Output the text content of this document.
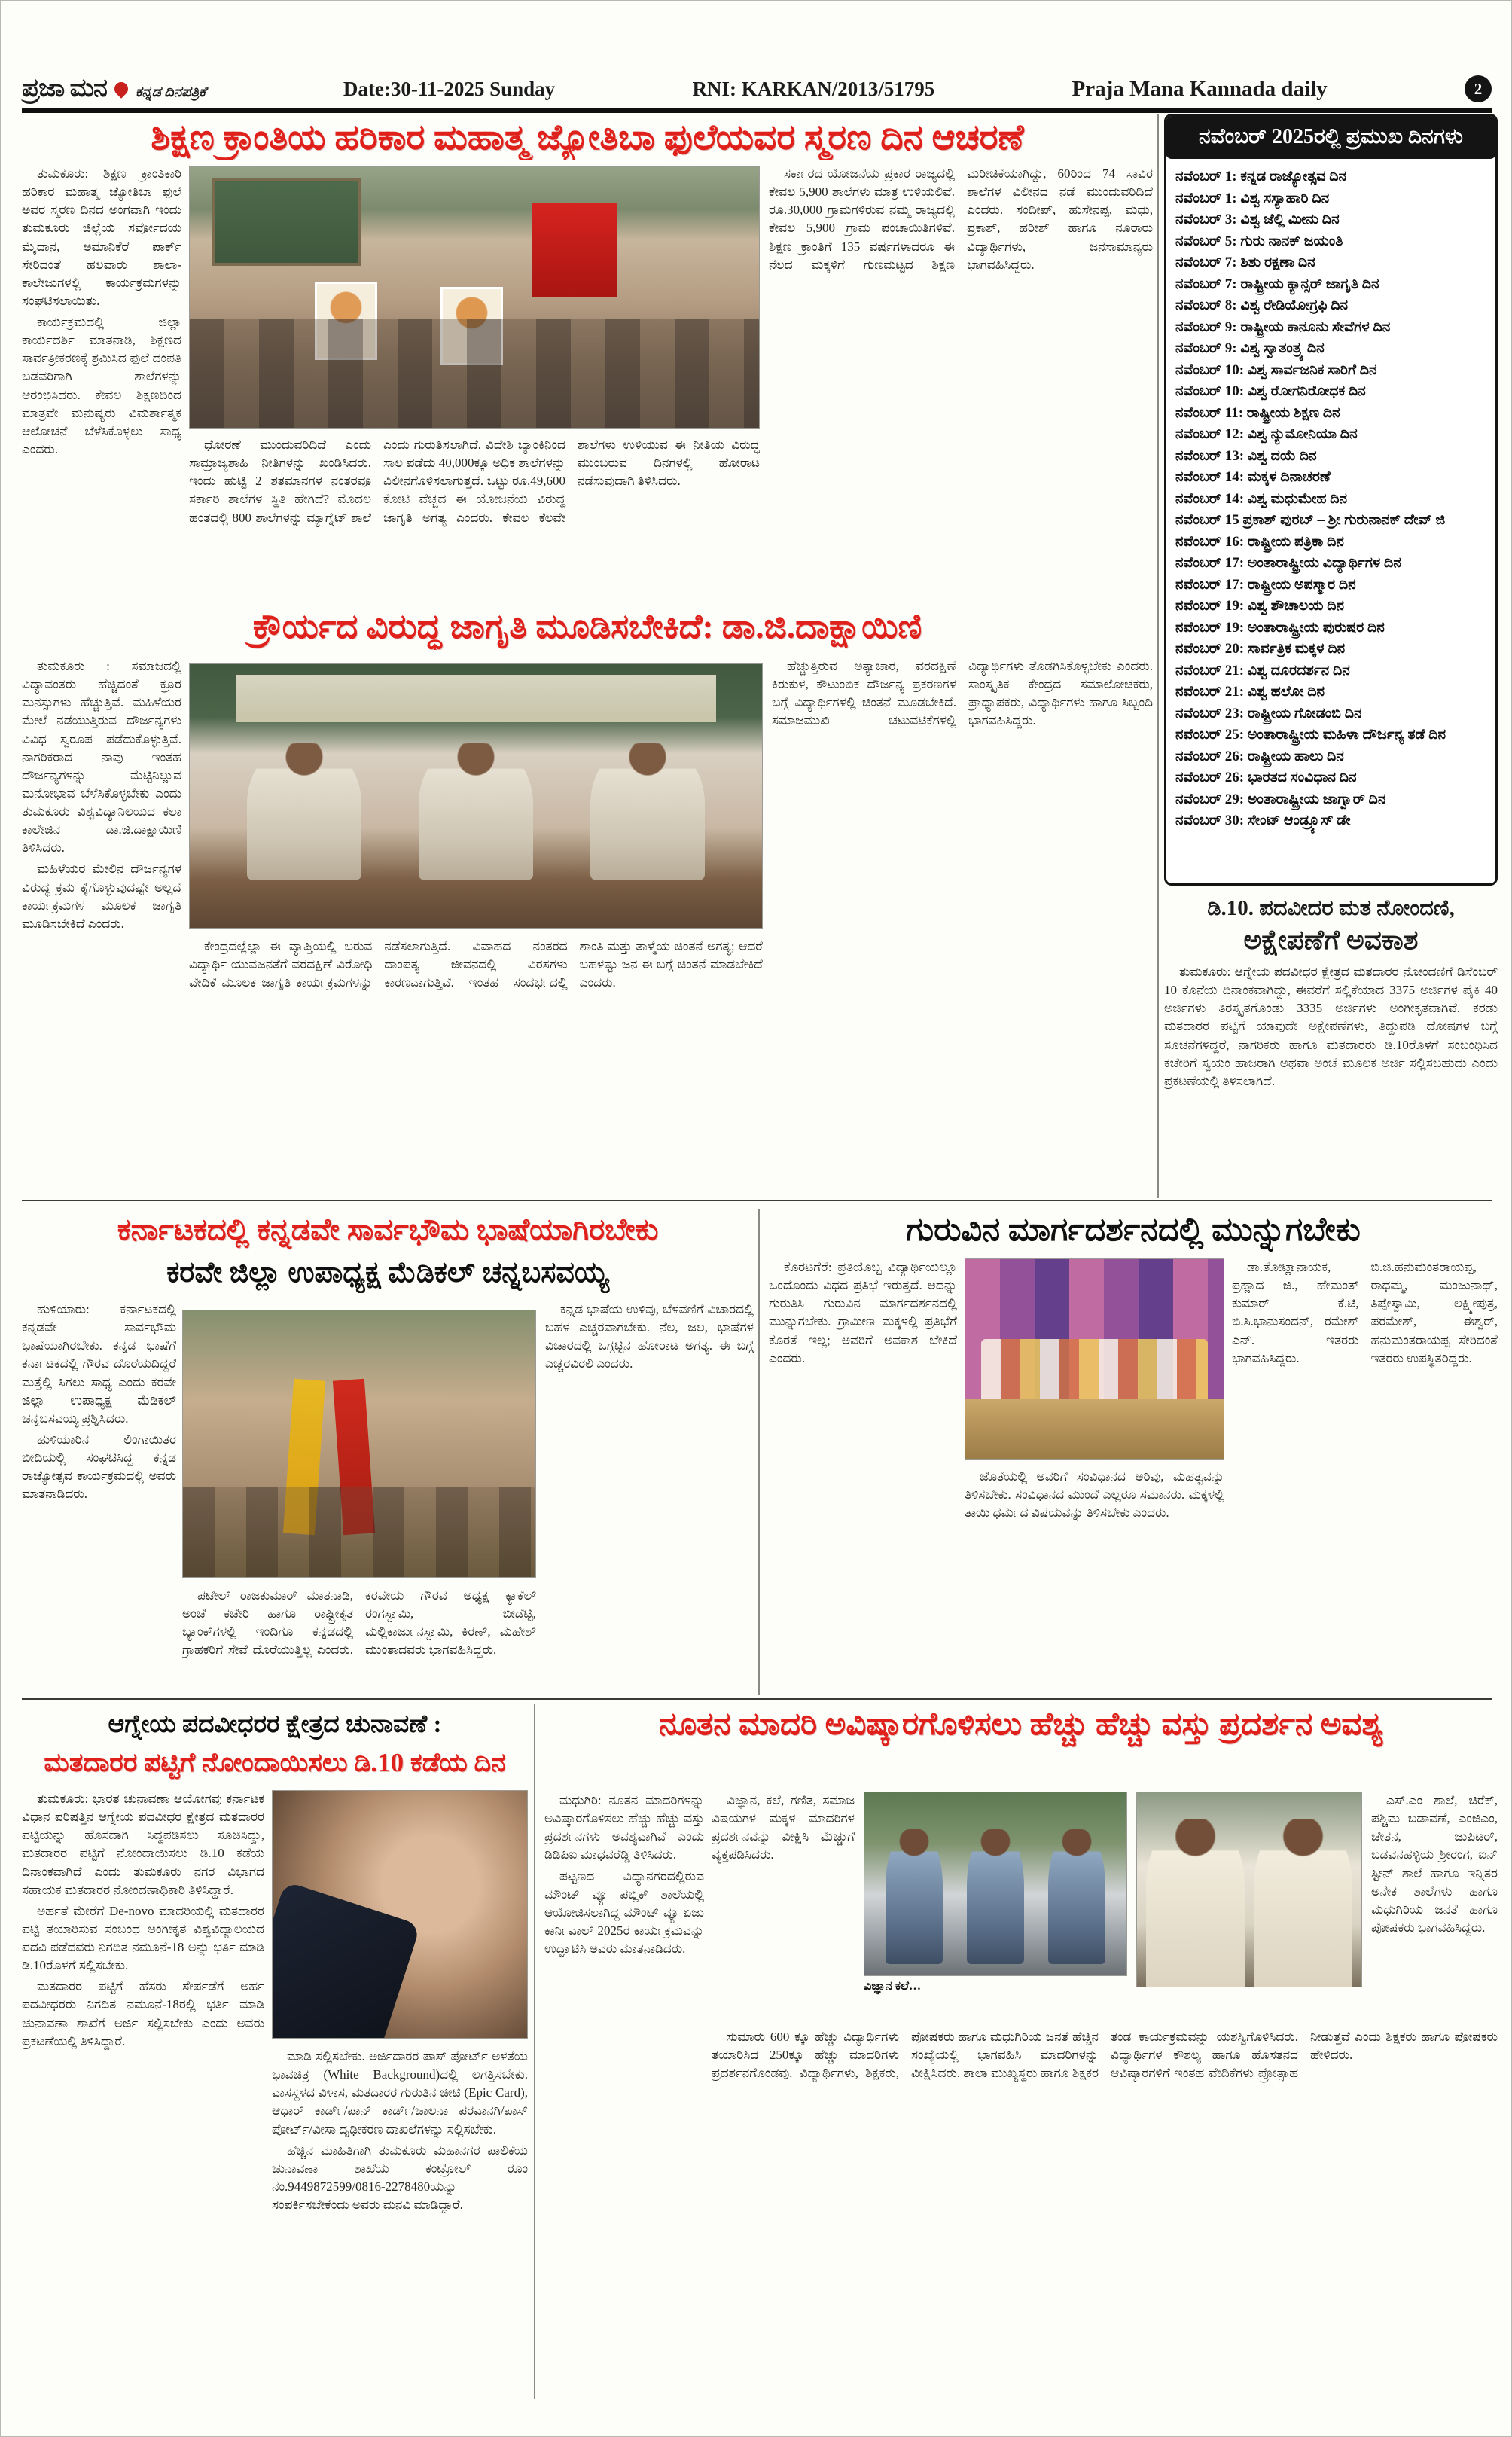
ಪ್ರಜಾ ಮನ ಕನ್ನಡ ದಿನಪತ್ರಿಕೆ	Date:30-11-2025 Sunday	RNI: KARKAN/2013/51795	Praja Mana Kannada daily	2
ಶಿಕ್ಷಣ ಕ್ರಾಂತಿಯ ಹರಿಕಾರ ಮಹಾತ್ಮ ಜ್ಯೋತಿಬಾ ಫುಲೆಯವರ ಸ್ಮರಣ ದಿನ ಆಚರಣೆ

ತುಮಕೂರು: ಶಿಕ್ಷಣ ಕ್ರಾಂತಿಕಾರಿ ಹರಿಕಾರ ಮಹಾತ್ಮ ಜ್ಯೋತಿಬಾ ಫುಲೆ ಅವರ ಸ್ಮರಣ ದಿನದ ಅಂಗವಾಗಿ ಇಂದು ತುಮಕೂರು ಜಿಲ್ಲೆಯ ಸರ್ವೋದಯ ಮೈದಾನ, ಅಮಾನಿಕೆರೆ ಪಾರ್ಕ್ ಸೇರಿದಂತೆ ಹಲವಾರು ಶಾಲಾ-ಕಾಲೇಜುಗಳಲ್ಲಿ ಕಾರ್ಯಕ್ರಮಗಳನ್ನು ಸಂಘಟಿಸಲಾಯಿತು.

ಕಾರ್ಯಕ್ರಮದಲ್ಲಿ ಜಿಲ್ಲಾ ಕಾರ್ಯದರ್ಶಿ ಮಾತನಾಡಿ, ಶಿಕ್ಷಣದ ಸಾರ್ವತ್ರೀಕರಣಕ್ಕೆ ಶ್ರಮಿಸಿದ ಫುಲೆ ದಂಪತಿ ಬಡವರಿಗಾಗಿ ಶಾಲೆಗಳನ್ನು ಆರಂಭಿಸಿದರು. ಕೇವಲ ಶಿಕ್ಷಣದಿಂದ ಮಾತ್ರವೇ ಮನುಷ್ಯರು ವಿಮರ್ಶಾತ್ಮಕ ಆಲೋಚನೆ ಬೆಳೆಸಿಕೊಳ್ಳಲು ಸಾಧ್ಯ ಎಂದರು.	ಧೋರಣೆ ಮುಂದುವರಿದಿದೆ ಎಂದು ಸಾಮ್ರಾಜ್ಯಶಾಹಿ ನೀತಿಗಳನ್ನು ಖಂಡಿಸಿದರು. ಇಂದು ಹುಟ್ಟಿ 2 ಶತಮಾನಗಳ ನಂತರವೂ ಸರ್ಕಾರಿ ಶಾಲೆಗಳ ಸ್ಥಿತಿ ಹೇಗಿದೆ? ಮೊದಲ ಹಂತದಲ್ಲಿ 800 ಶಾಲೆಗಳನ್ನು ಮ್ಯಾಗ್ನೆಟ್ ಶಾಲೆ ಎಂದು ಗುರುತಿಸಲಾಗಿದೆ. ವಿದೇಶಿ ಬ್ಯಾಂಕಿನಿಂದ ಸಾಲ ಪಡೆದು 40,000ಕ್ಕೂ ಅಧಿಕ ಶಾಲೆಗಳನ್ನು ವಿಲೀನಗೊಳಿಸಲಾಗುತ್ತದೆ. ಒಟ್ಟು ರೂ.49,600 ಕೋಟಿ ವೆಚ್ಚದ ಈ ಯೋಜನೆಯ ವಿರುದ್ಧ ಜಾಗೃತಿ ಅಗತ್ಯ ಎಂದರು. ಕೇವಲ ಕೆಲವೇ ಶಾಲೆಗಳು ಉಳಿಯುವ ಈ ನೀತಿಯ ವಿರುದ್ಧ ಮುಂಬರುವ ದಿನಗಳಲ್ಲಿ ಹೋರಾಟ ನಡೆಸುವುದಾಗಿ ತಿಳಿಸಿದರು.

ಸರ್ಕಾರದ ಯೋಜನೆಯ ಪ್ರಕಾರ ರಾಜ್ಯದಲ್ಲಿ ಕೇವಲ 5,900 ಶಾಲೆಗಳು ಮಾತ್ರ ಉಳಿಯಲಿವೆ. ರೂ.30,000 ಗ್ರಾಮಗಳಿರುವ ನಮ್ಮ ರಾಜ್ಯದಲ್ಲಿ ಕೇವಲ 5,900 ಗ್ರಾಮ ಪಂಚಾಯಿತಿಗಳಿವೆ. ಶಿಕ್ಷಣ ಕ್ರಾಂತಿಗೆ 135 ವರ್ಷಗಳಾದರೂ ಈ ನೆಲದ ಮಕ್ಕಳಿಗೆ ಗುಣಮಟ್ಟದ ಶಿಕ್ಷಣ ಮರೀಚಿಕೆಯಾಗಿದ್ದು, 60ರಿಂದ 74 ಸಾವಿರ ಶಾಲೆಗಳ ವಿಲೀನದ ನಡೆ ಮುಂದುವರಿದಿದೆ ಎಂದರು. ಸಂದೀಪ್, ಹುಸೇನಪ್ಪ, ಮಧು, ಪ್ರಕಾಶ್, ಹರೀಶ್ ಹಾಗೂ ನೂರಾರು ವಿದ್ಯಾರ್ಥಿಗಳು, ಜನಸಾಮಾನ್ಯರು ಭಾಗವಹಿಸಿದ್ದರು.

ನವೆಂಬರ್ 2025ರಲ್ಲಿ ಪ್ರಮುಖ ದಿನಗಳು
ನವೆಂಬರ್ 1: ಕನ್ನಡ ರಾಜ್ಯೋತ್ಸವ ದಿನ
ನವೆಂಬರ್ 1: ವಿಶ್ವ ಸಸ್ಯಾಹಾರಿ ದಿನ
ನವೆಂಬರ್ 3: ವಿಶ್ವ ಜೆಲ್ಲಿ ಮೀನು ದಿನ
ನವೆಂಬರ್ 5: ಗುರು ನಾನಕ್ ಜಯಂತಿ
ನವೆಂಬರ್ 7: ಶಿಶು ರಕ್ಷಣಾ ದಿನ
ನವೆಂಬರ್ 7: ರಾಷ್ಟ್ರೀಯ ಕ್ಯಾನ್ಸರ್ ಜಾಗೃತಿ ದಿನ
ನವೆಂಬರ್ 8: ವಿಶ್ವ ರೇಡಿಯೋಗ್ರಫಿ ದಿನ
ನವೆಂಬರ್ 9: ರಾಷ್ಟ್ರೀಯ ಕಾನೂನು ಸೇವೆಗಳ ದಿನ
ನವೆಂಬರ್ 9: ವಿಶ್ವ ಸ್ವಾತಂತ್ರ್ಯ ದಿನ
ನವೆಂಬರ್ 10: ವಿಶ್ವ ಸಾರ್ವಜನಿಕ ಸಾರಿಗೆ ದಿನ
ನವೆಂಬರ್ 10: ವಿಶ್ವ ರೋಗನಿರೋಧಕ ದಿನ
ನವೆಂಬರ್ 11: ರಾಷ್ಟ್ರೀಯ ಶಿಕ್ಷಣ ದಿನ
ನವೆಂಬರ್ 12: ವಿಶ್ವ ನ್ಯುಮೋನಿಯಾ ದಿನ
ನವೆಂಬರ್ 13: ವಿಶ್ವ ದಯೆ ದಿನ
ನವೆಂಬರ್ 14: ಮಕ್ಕಳ ದಿನಾಚರಣೆ
ನವೆಂಬರ್ 14: ವಿಶ್ವ ಮಧುಮೇಹ ದಿನ
ನವೆಂಬರ್ 15 ಪ್ರಕಾಶ್ ಪುರಬ್ – ಶ್ರೀ ಗುರುನಾನಕ್ ದೇವ್ ಜಿ
ನವೆಂಬರ್ 16: ರಾಷ್ಟ್ರೀಯ ಪತ್ರಿಕಾ ದಿನ
ನವೆಂಬರ್ 17: ಅಂತಾರಾಷ್ಟ್ರೀಯ ವಿದ್ಯಾರ್ಥಿಗಳ ದಿನ
ನವೆಂಬರ್ 17: ರಾಷ್ಟ್ರೀಯ ಅಪಸ್ಮಾರ ದಿನ
ನವೆಂಬರ್ 19: ವಿಶ್ವ ಶೌಚಾಲಯ ದಿನ
ನವೆಂಬರ್ 19: ಅಂತಾರಾಷ್ಟ್ರೀಯ ಪುರುಷರ ದಿನ
ನವೆಂಬರ್ 20: ಸಾರ್ವತ್ರಿಕ ಮಕ್ಕಳ ದಿನ
ನವೆಂಬರ್ 21: ವಿಶ್ವ ದೂರದರ್ಶನ ದಿನ
ನವೆಂಬರ್ 21: ವಿಶ್ವ ಹಲೋ ದಿನ
ನವೆಂಬರ್ 23: ರಾಷ್ಟ್ರೀಯ ಗೋಡಂಬಿ ದಿನ
ನವೆಂಬರ್ 25: ಅಂತಾರಾಷ್ಟ್ರೀಯ ಮಹಿಳಾ ದೌರ್ಜನ್ಯ ತಡೆ ದಿನ
ನವೆಂಬರ್ 26: ರಾಷ್ಟ್ರೀಯ ಹಾಲು ದಿನ
ನವೆಂಬರ್ 26: ಭಾರತದ ಸಂವಿಧಾನ ದಿನ
ನವೆಂಬರ್ 29: ಅಂತಾರಾಷ್ಟ್ರೀಯ ಜಾಗ್ವಾರ್ ದಿನ
ನವೆಂಬರ್ 30: ಸೇಂಟ್ ಆಂಡ್ರ್ಯೂಸ್ ಡೇ
ಡಿ.10. ಪದವೀದರ ಮತ ನೋಂದಣಿ,
ಅಕ್ಷೇಪಣೆಗೆ ಅವಕಾಶ

ತುಮಕೂರು: ಆಗ್ನೇಯ ಪದವೀಧರ ಕ್ಷೇತ್ರದ ಮತದಾರರ ನೋಂದಣಿಗೆ ಡಿಸೆಂಬರ್ 10 ಕೊನೆಯ ದಿನಾಂಕವಾಗಿದ್ದು, ಈವರೆಗೆ ಸಲ್ಲಿಕೆಯಾದ 3375 ಅರ್ಜಿಗಳ ಪೈಕಿ 40 ಅರ್ಜಿಗಳು ತಿರಸ್ಕೃತಗೊಂಡು 3335 ಅರ್ಜಿಗಳು ಅಂಗೀಕೃತವಾಗಿವೆ. ಕರಡು ಮತದಾರರ ಪಟ್ಟಿಗೆ ಯಾವುದೇ ಅಕ್ಷೇಪಣೆಗಳು, ತಿದ್ದುಪಡಿ ದೋಷಗಳ ಬಗ್ಗೆ ಸೂಚನೆಗಳಿದ್ದರೆ, ನಾಗರಿಕರು ಹಾಗೂ ಮತದಾರರು ಡಿ.10ರೊಳಗೆ ಸಂಬಂಧಿಸಿದ ಕಚೇರಿಗೆ ಸ್ವಯಂ ಹಾಜರಾಗಿ ಅಥವಾ ಅಂಚೆ ಮೂಲಕ ಅರ್ಜಿ ಸಲ್ಲಿಸಬಹುದು ಎಂದು ಪ್ರಕಟಣೆಯಲ್ಲಿ ತಿಳಿಸಲಾಗಿದೆ.

ಕ್ರೌರ್ಯದ ವಿರುದ್ಧ ಜಾಗೃತಿ ಮೂಡಿಸಬೇಕಿದೆ: ಡಾ.ಜಿ.ದಾಕ್ಷಾಯಿಣಿ

ತುಮಕೂರು : ಸಮಾಜದಲ್ಲಿ ವಿದ್ಯಾವಂತರು ಹೆಚ್ಚಿದಂತೆ ಕ್ರೂರ ಮನಸ್ಸುಗಳು ಹೆಚ್ಚುತ್ತಿವೆ. ಮಹಿಳೆಯರ ಮೇಲೆ ನಡೆಯುತ್ತಿರುವ ದೌರ್ಜನ್ಯಗಳು ವಿವಿಧ ಸ್ವರೂಪ ಪಡೆದುಕೊಳ್ಳುತ್ತಿವೆ. ನಾಗರಿಕರಾದ ನಾವು ಇಂತಹ ದೌರ್ಜನ್ಯಗಳನ್ನು ಮೆಟ್ಟಿನಿಲ್ಲುವ ಮನೋಭಾವ ಬೆಳೆಸಿಕೊಳ್ಳಬೇಕು ಎಂದು ತುಮಕೂರು ವಿಶ್ವವಿದ್ಯಾನಿಲಯದ ಕಲಾ ಕಾಲೇಜಿನ ಡಾ.ಜಿ.ದಾಕ್ಷಾಯಿಣಿ ತಿಳಿಸಿದರು.

ಮಹಿಳೆಯರ ಮೇಲಿನ ದೌರ್ಜನ್ಯಗಳ ವಿರುದ್ಧ ಕ್ರಮ ಕೈಗೊಳ್ಳುವುದಷ್ಟೇ ಅಲ್ಲದೆ ಕಾರ್ಯಕ್ರಮಗಳ ಮೂಲಕ ಜಾಗೃತಿ ಮೂಡಿಸಬೇಕಿದೆ ಎಂದರು.

ಕೇಂದ್ರದಲ್ಲೆಲ್ಲಾ ಈ ವ್ಯಾಪ್ತಿಯಲ್ಲಿ ಬರುವ ವಿದ್ಯಾರ್ಥಿ ಯುವಜನತೆಗೆ ವರದಕ್ಷಿಣೆ ವಿರೋಧಿ ವೇದಿಕೆ ಮೂಲಕ ಜಾಗೃತಿ ಕಾರ್ಯಕ್ರಮಗಳನ್ನು ನಡೆಸಲಾಗುತ್ತಿದೆ. ವಿವಾಹದ ನಂತರದ ದಾಂಪತ್ಯ ಜೀವನದಲ್ಲಿ ವಿರಸಗಳು ಕಾರಣವಾಗುತ್ತಿವೆ. ಇಂತಹ ಸಂದರ್ಭದಲ್ಲಿ ಶಾಂತಿ ಮತ್ತು ತಾಳ್ಮೆಯ ಚಿಂತನೆ ಅಗತ್ಯ; ಆದರೆ ಬಹಳಷ್ಟು ಜನ ಈ ಬಗ್ಗೆ ಚಿಂತನೆ ಮಾಡಬೇಕಿದೆ ಎಂದರು.

ಹೆಚ್ಚುತ್ತಿರುವ ಅತ್ಯಾಚಾರ, ವರದಕ್ಷಿಣೆ ಕಿರುಕುಳ, ಕೌಟುಂಬಿಕ ದೌರ್ಜನ್ಯ ಪ್ರಕರಣಗಳ ಬಗ್ಗೆ ವಿದ್ಯಾರ್ಥಿಗಳಲ್ಲಿ ಚಿಂತನೆ ಮೂಡಬೇಕಿದೆ. ಸಮಾಜಮುಖಿ ಚಟುವಟಿಕೆಗಳಲ್ಲಿ ವಿದ್ಯಾರ್ಥಿಗಳು ತೊಡಗಿಸಿಕೊಳ್ಳಬೇಕು ಎಂದರು. ಸಾಂಸ್ಕೃತಿಕ ಕೇಂದ್ರದ ಸಮಾಲೋಚಕರು, ಪ್ರಾಧ್ಯಾಪಕರು, ವಿದ್ಯಾರ್ಥಿಗಳು ಹಾಗೂ ಸಿಬ್ಬಂದಿ ಭಾಗವಹಿಸಿದ್ದರು.

ಕರ್ನಾಟಕದಲ್ಲಿ ಕನ್ನಡವೇ ಸಾರ್ವಭೌಮ ಭಾಷೆಯಾಗಿರಬೇಕು
ಕರವೇ ಜಿಲ್ಲಾ ಉಪಾಧ್ಯಕ್ಷ ಮೆಡಿಕಲ್ ಚನ್ನಬಸವಯ್ಯ

ಹುಳಿಯಾರು: ಕರ್ನಾಟಕದಲ್ಲಿ ಕನ್ನಡವೇ ಸಾರ್ವಭೌಮ ಭಾಷೆಯಾಗಿರಬೇಕು. ಕನ್ನಡ ಭಾಷೆಗೆ ಕರ್ನಾಟಕದಲ್ಲಿ ಗೌರವ ದೊರೆಯದಿದ್ದರೆ ಮತ್ತೆಲ್ಲಿ ಸಿಗಲು ಸಾಧ್ಯ ಎಂದು ಕರವೇ ಜಿಲ್ಲಾ ಉಪಾಧ್ಯಕ್ಷ ಮೆಡಿಕಲ್ ಚನ್ನಬಸವಯ್ಯ ಪ್ರಶ್ನಿಸಿದರು.

ಹುಳಿಯಾರಿನ ಲಿಂಗಾಯಿತರ ಬೀದಿಯಲ್ಲಿ ಸಂಘಟಿಸಿದ್ದ ಕನ್ನಡ ರಾಜ್ಯೋತ್ಸವ ಕಾರ್ಯಕ್ರಮದಲ್ಲಿ ಅವರು ಮಾತನಾಡಿದರು.

ಪಟೇಲ್ ರಾಜಕುಮಾರ್ ಮಾತನಾಡಿ, ಅಂಚೆ ಕಚೇರಿ ಹಾಗೂ ರಾಷ್ಟ್ರೀಕೃತ ಬ್ಯಾಂಕ್‌ಗಳಲ್ಲಿ ಇಂದಿಗೂ ಕನ್ನಡದಲ್ಲಿ ಗ್ರಾಹಕರಿಗೆ ಸೇವೆ ದೊರೆಯುತ್ತಿಲ್ಲ ಎಂದರು. ಕರವೇಯ ಗೌರವ ಅಧ್ಯಕ್ಷ ಕ್ಯಾಕೆಲ್ ರಂಗಸ್ವಾಮಿ, ಬೀಡೆಟ್ಟಿ, ಮಲ್ಲಿಕಾರ್ಜುನಸ್ವಾಮಿ, ಕಿರಣ್, ಮಹೇಶ್ ಮುಂತಾದವರು ಭಾಗವಹಿಸಿದ್ದರು.

ಕನ್ನಡ ಭಾಷೆಯ ಉಳಿವು, ಬೆಳವಣಿಗೆ ವಿಚಾರದಲ್ಲಿ ಬಹಳ ಎಚ್ಚರವಾಗಬೇಕು. ನೆಲ, ಜಲ, ಭಾಷೆಗಳ ವಿಚಾರದಲ್ಲಿ ಒಗ್ಗಟ್ಟಿನ ಹೋರಾಟ ಅಗತ್ಯ. ಈ ಬಗ್ಗೆ ಎಚ್ಚರವಿರಲಿ ಎಂದರು.

ಗುರುವಿನ ಮಾರ್ಗದರ್ಶನದಲ್ಲಿ ಮುನ್ನುಗಬೇಕು

ಕೊರಟಗೆರೆ: ಪ್ರತಿಯೊಬ್ಬ ವಿದ್ಯಾರ್ಥಿಯಲ್ಲೂ ಒಂದೊಂದು ವಿಧದ ಪ್ರತಿಭೆ ಇರುತ್ತದೆ. ಅದನ್ನು ಗುರುತಿಸಿ ಗುರುವಿನ ಮಾರ್ಗದರ್ಶನದಲ್ಲಿ ಮುನ್ನುಗಬೇಕು. ಗ್ರಾಮೀಣ ಮಕ್ಕಳಲ್ಲಿ ಪ್ರತಿಭೆಗೆ ಕೊರತೆ ಇಲ್ಲ; ಅವರಿಗೆ ಅವಕಾಶ ಬೇಕಿದೆ ಎಂದರು.

ಜೊತೆಯಲ್ಲಿ ಅವರಿಗೆ ಸಂವಿಧಾನದ ಅರಿವು, ಮಹತ್ವವನ್ನು ತಿಳಿಸಬೇಕು. ಸಂವಿಧಾನದ ಮುಂದೆ ಎಲ್ಲರೂ ಸಮಾನರು. ಮಕ್ಕಳಲ್ಲಿ ತಾಯಿ ಧರ್ಮದ ವಿಷಯವನ್ನು ತಿಳಿಸಬೇಕು ಎಂದರು.

ಡಾ.ತೋಟ್ಲಾನಾಯಕ, ಪ್ರಹ್ಲಾದ ಜಿ., ಹೇಮಂತ್ ಕುಮಾರ್ ಕೆ.ಟಿ, ಬಿ.ಸಿ.ಭಾನುಸಂದನ್, ರಮೇಶ್ ಎನ್. ಇತರರು ಭಾಗವಹಿಸಿದ್ದರು. ಬಿ.ಜಿ.ಹನುಮಂತರಾಯಪ್ಪ, ರಾಧಮ್ಮ, ಮಂಜುನಾಥ್, ತಿಪ್ಪೇಸ್ವಾಮಿ, ಲಕ್ಷ್ಮೀಪುತ್ರ, ಪರಮೇಶ್, ಈಶ್ವರ್, ಹನುಮಂತರಾಯಪ್ಪ ಸೇರಿದಂತೆ ಇತರರು ಉಪಸ್ಥಿತರಿದ್ದರು.

ಆಗ್ನೇಯ ಪದವೀಧರರ ಕ್ಷೇತ್ರದ ಚುನಾವಣೆ :
ಮತದಾರರ ಪಟ್ಟಿಗೆ ನೋಂದಾಯಿಸಲು ಡಿ.10 ಕಡೆಯ ದಿನ

ತುಮಕೂರು: ಭಾರತ ಚುನಾವಣಾ ಆಯೋಗವು ಕರ್ನಾಟಕ ವಿಧಾನ ಪರಿಷತ್ತಿನ ಆಗ್ನೇಯ ಪದವೀಧರ ಕ್ಷೇತ್ರದ ಮತದಾರರ ಪಟ್ಟಿಯನ್ನು ಹೊಸದಾಗಿ ಸಿದ್ಧಪಡಿಸಲು ಸೂಚಿಸಿದ್ದು, ಮತದಾರರ ಪಟ್ಟಿಗೆ ನೋಂದಾಯಿಸಲು ಡಿ.10 ಕಡೆಯ ದಿನಾಂಕವಾಗಿದೆ ಎಂದು ತುಮಕೂರು ನಗರ ವಿಭಾಗದ ಸಹಾಯಕ ಮತದಾರರ ನೋಂದಣಾಧಿಕಾರಿ ತಿಳಿಸಿದ್ದಾರೆ.

ಅರ್ಹತೆ ಮೇರೆಗೆ De-novo ಮಾದರಿಯಲ್ಲಿ ಮತದಾರರ ಪಟ್ಟಿ ತಯಾರಿಸುವ ಸಂಬಂಧ ಅಂಗೀಕೃತ ವಿಶ್ವವಿದ್ಯಾಲಯದ ಪದವಿ ಪಡೆದವರು ನಿಗದಿತ ನಮೂನೆ-18 ಅನ್ನು ಭರ್ತಿ ಮಾಡಿ ಡಿ.10ರೊಳಗೆ ಸಲ್ಲಿಸಬೇಕು.

ಮತದಾರರ ಪಟ್ಟಿಗೆ ಹೆಸರು ಸೇರ್ಪಡೆಗೆ ಅರ್ಹ ಪದವೀಧರರು ನಿಗದಿತ ನಮೂನೆ-18ರಲ್ಲಿ ಭರ್ತಿ ಮಾಡಿ ಚುನಾವಣಾ ಶಾಖೆಗೆ ಅರ್ಜಿ ಸಲ್ಲಿಸಬೇಕು ಎಂದು ಅವರು ಪ್ರಕಟಣೆಯಲ್ಲಿ ತಿಳಿಸಿದ್ದಾರೆ.

ಮಾಡಿ ಸಲ್ಲಿಸಬೇಕು. ಅರ್ಜಿದಾರರ ಪಾಸ್ ಪೋರ್ಟ್ ಅಳತೆಯ ಭಾವಚಿತ್ರ (White Background)ದಲ್ಲಿ ಲಗತ್ತಿಸಬೇಕು. ವಾಸಸ್ಥಳದ ವಿಳಾಸ, ಮತದಾರರ ಗುರುತಿನ ಚೀಟಿ (Epic Card), ಆಧಾರ್ ಕಾರ್ಡ್/ಪಾನ್ ಕಾರ್ಡ್/ಚಾಲನಾ ಪರವಾನಗಿ/ಪಾಸ್ ಪೋರ್ಟ್/ವೀಸಾ ದೃಢೀಕರಣ ದಾಖಲೆಗಳನ್ನು ಸಲ್ಲಿಸಬೇಕು.

ಹೆಚ್ಚಿನ ಮಾಹಿತಿಗಾಗಿ ತುಮಕೂರು ಮಹಾನಗರ ಪಾಲಿಕೆಯ ಚುನಾವಣಾ ಶಾಖೆಯ ಕಂಟ್ರೋಲ್ ರೂಂ ನಂ.9449872599/0816-2278480ಯನ್ನು ಸಂಪರ್ಕಿಸಬೇಕೆಂದು ಅವರು ಮನವಿ ಮಾಡಿದ್ದಾರೆ.

ನೂತನ ಮಾದರಿ ಅವಿಷ್ಕಾರಗೊಳಿಸಲು ಹೆಚ್ಚು ಹೆಚ್ಚು ವಸ್ತು ಪ್ರದರ್ಶನ ಅವಶ್ಯ

ಮಧುಗಿರಿ: ನೂತನ ಮಾದರಿಗಳನ್ನು ಅವಿಷ್ಕಾರಗೊಳಿಸಲು ಹೆಚ್ಚು ಹೆಚ್ಚು ವಸ್ತು ಪ್ರದರ್ಶನಗಳು ಅವಶ್ಯವಾಗಿವೆ ಎಂದು ಡಿಡಿಪಿಐ ಮಾಧವರೆಡ್ಡಿ ತಿಳಿಸಿದರು.

ಪಟ್ಟಣದ ವಿದ್ಯಾನಗರದಲ್ಲಿರುವ ಮೌಂಟ್ ವ್ಯೂ ಪಬ್ಲಿಕ್ ಶಾಲೆಯಲ್ಲಿ ಆಯೋಜಿಸಲಾಗಿದ್ದ ಮೌಂಟ್ ವ್ಯೂ ಏಜು ಕಾರ್ನಿವಾಲ್ 2025ರ ಕಾರ್ಯಕ್ರಮವನ್ನು ಉದ್ಘಾಟಿಸಿ ಅವರು ಮಾತನಾಡಿದರು.

ವಿಜ್ಞಾನ, ಕಲೆ, ಗಣಿತ, ಸಮಾಜ ವಿಷಯಗಳ ಮಕ್ಕಳ ಮಾದರಿಗಳ ಪ್ರದರ್ಶನವನ್ನು ವೀಕ್ಷಿಸಿ ಮೆಚ್ಚುಗೆ ವ್ಯಕ್ತಪಡಿಸಿದರು.

ವಿಜ್ಞಾನ ಕಲೆ…

ಎಸ್.ಎಂ ಶಾಲೆ, ಚಿರೆಕ್, ಪಶ್ಚಿಮ ಬಡಾವಣೆ, ಎಂಜಿಎಂ, ಚೇತನ, ಜುಪಿಟರ್, ಬಡವನಹಳ್ಳಿಯ ಶ್ರೀರಂಗ, ಐನ್ ಸ್ಟೀನ್ ಶಾಲೆ ಹಾಗೂ ಇನ್ನಿತರ ಅನೇಕ ಶಾಲೆಗಳು ಹಾಗೂ ಮಧುಗಿರಿಯ ಜನತೆ ಹಾಗೂ ಪೋಷಕರು ಭಾಗವಹಿಸಿದ್ದರು.

ಸುಮಾರು 600 ಕ್ಕೂ ಹೆಚ್ಚು ವಿದ್ಯಾರ್ಥಿಗಳು ತಯಾರಿಸಿದ 250ಕ್ಕೂ ಹೆಚ್ಚು ಮಾದರಿಗಳು ಪ್ರದರ್ಶನಗೊಂಡವು. ವಿದ್ಯಾರ್ಥಿಗಳು, ಶಿಕ್ಷಕರು, ಪೋಷಕರು ಹಾಗೂ ಮಧುಗಿರಿಯ ಜನತೆ ಹೆಚ್ಚಿನ ಸಂಖ್ಯೆಯಲ್ಲಿ ಭಾಗವಹಿಸಿ ಮಾದರಿಗಳನ್ನು ವೀಕ್ಷಿಸಿದರು. ಶಾಲಾ ಮುಖ್ಯಸ್ಥರು ಹಾಗೂ ಶಿಕ್ಷಕರ ತಂಡ ಕಾರ್ಯಕ್ರಮವನ್ನು ಯಶಸ್ವಿಗೊಳಿಸಿದರು. ವಿದ್ಯಾರ್ಥಿಗಳ ಕೌಶಲ್ಯ ಹಾಗೂ ಹೊಸತನದ ಆವಿಷ್ಕಾರಗಳಿಗೆ ಇಂತಹ ವೇದಿಕೆಗಳು ಪ್ರೋತ್ಸಾಹ ನೀಡುತ್ತವೆ ಎಂದು ಶಿಕ್ಷಕರು ಹಾಗೂ ಪೋಷಕರು ಹೇಳಿದರು.
